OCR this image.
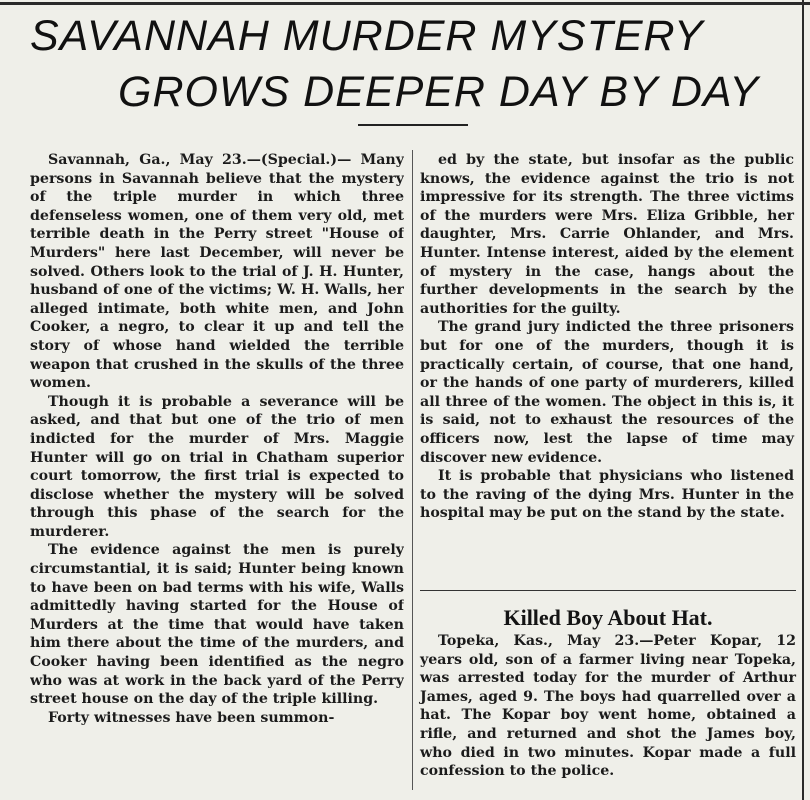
SAVANNAH MURDER MYSTERY
GROWS DEEPER DAY BY DAY

Savannah, Ga., May 23.—(Special.)— Many persons in Savannah believe that the mystery of the triple murder in which three defenseless women, one of them very old, met terrible death in the Perry street "House of Murders" here last December, will never be solved. Others look to the trial of J. H. Hunter, husband of one of the victims; W. H. Walls, her alleged intimate, both white men, and John Cooker, a negro, to clear it up and tell the story of whose hand wielded the terrible weapon that crushed in the skulls of the three women.

Though it is probable a severance will be asked, and that but one of the trio of men indicted for the murder of Mrs. Maggie Hunter will go on trial in Chatham superior court tomorrow, the first trial is expected to disclose whether the mystery will be solved through this phase of the search for the murderer.

The evidence against the men is purely circumstantial, it is said; Hunter being known to have been on bad terms with his wife, Walls admittedly having started for the House of Murders at the time that would have taken him there about the time of the murders, and Cooker having been identified as the negro who was at work in the back yard of the Perry street house on the day of the triple killing.

Forty witnesses have been summon-

ed by the state, but insofar as the public knows, the evidence against the trio is not impressive for its strength. The three victims of the murders were Mrs. Eliza Gribble, her daughter, Mrs. Carrie Ohlander, and Mrs. Hunter. Intense interest, aided by the element of mystery in the case, hangs about the further developments in the search by the authorities for the guilty.

The grand jury indicted the three prisoners but for one of the murders, though it is practically certain, of course, that one hand, or the hands of one party of murderers, killed all three of the women. The object in this is, it is said, not to exhaust the resources of the officers now, lest the lapse of time may discover new evidence.

It is probable that physicians who listened to the raving of the dying Mrs. Hunter in the hospital may be put on the stand by the state.

Killed Boy About Hat.

Topeka, Kas., May 23.—Peter Kopar, 12 years old, son of a farmer living near Topeka, was arrested today for the murder of Arthur James, aged 9. The boys had quarrelled over a hat. The Kopar boy went home, obtained a rifle, and returned and shot the James boy, who died in two minutes. Kopar made a full confession to the police.
